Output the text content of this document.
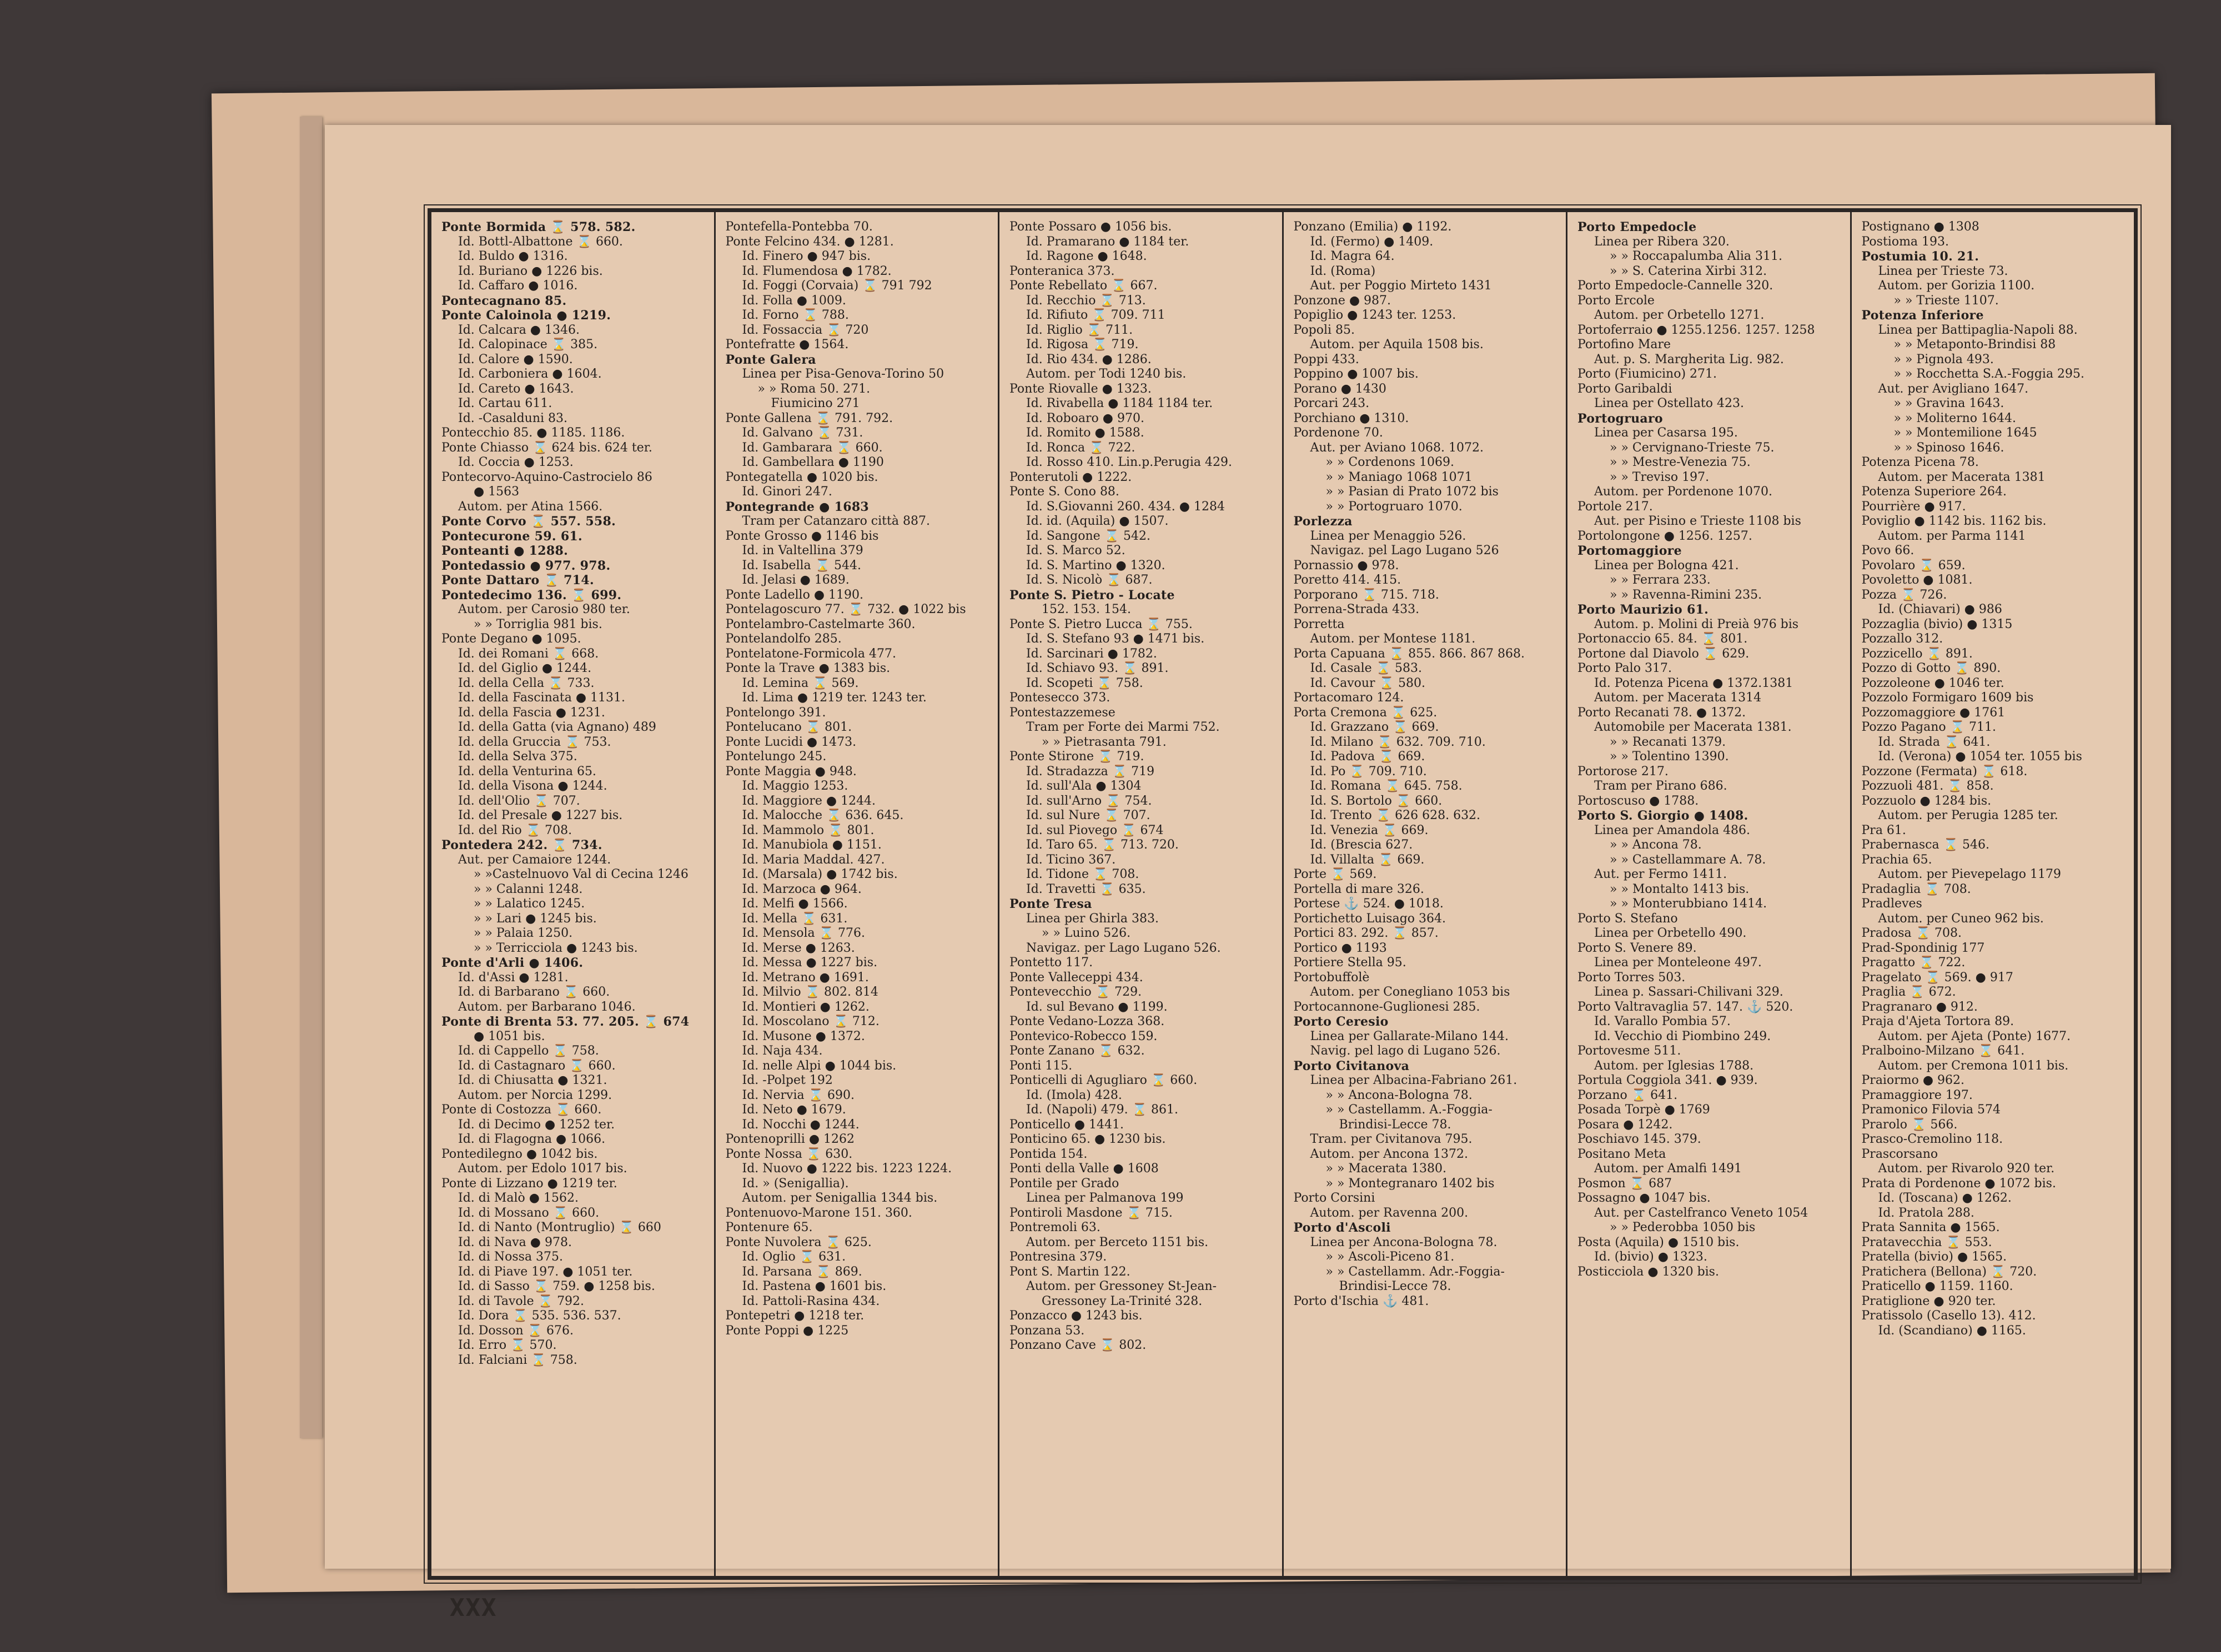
Ponte Bormida ⌛ 578. 582.
Id. Bottl-Albattone ⌛ 660.
Id. Buldo ● 1316.
Id. Buriano ● 1226 bis.
Id. Caffaro ● 1016.
Pontecagnano 85.
Ponte Caloinola ● 1219.
Id. Calcara ● 1346.
Id. Calopinace ⌛ 385.
Id. Calore ● 1590.
Id. Carboniera ● 1604.
Id. Careto ● 1643.
Id. Cartau 611.
Id. -Casalduni 83.
Pontecchio 85. ● 1185. 1186.
Ponte Chiasso ⌛ 624 bis. 624 ter.
Id. Coccia ● 1253.
Pontecorvo-Aquino-Castrocielo 86
● 1563
Autom. per Atina 1566.
Ponte Corvo ⌛ 557. 558.
Pontecurone 59. 61.
Ponteanti ● 1288.
Pontedassio ● 977. 978.
Ponte Dattaro ⌛ 714.
Pontedecimo 136. ⌛ 699.
Autom. per Carosio 980 ter.
» » Torriglia 981 bis.
Ponte Degano ● 1095.
Id. dei Romani ⌛ 668.
Id. del Giglio ● 1244.
Id. della Cella ⌛ 733.
Id. della Fascinata ● 1131.
Id. della Fascia ● 1231.
Id. della Gatta (via Agnano) 489
Id. della Gruccia ⌛ 753.
Id. della Selva 375.
Id. della Venturina 65.
Id. della Visona ● 1244.
Id. dell'Olio ⌛ 707.
Id. del Presale ● 1227 bis.
Id. del Rio ⌛ 708.
Pontedera 242. ⌛ 734.
Aut. per Camaiore 1244.
» »Castelnuovo Val di Cecina 1246
» » Calanni 1248.
» » Lalatico 1245.
» » Lari ● 1245 bis.
» » Palaia 1250.
» » Terricciola ● 1243 bis.
Ponte d'Arli ● 1406.
Id. d'Assi ● 1281.
Id. di Barbarano ⌛ 660.
Autom. per Barbarano 1046.
Ponte di Brenta 53. 77. 205. ⌛ 674
● 1051 bis.
Id. di Cappello ⌛ 758.
Id. di Castagnaro ⌛ 660.
Id. di Chiusatta ● 1321.
Autom. per Norcia 1299.
Ponte di Costozza ⌛ 660.
Id. di Decimo ● 1252 ter.
Id. di Flagogna ● 1066.
Pontedilegno ● 1042 bis.
Autom. per Edolo 1017 bis.
Ponte di Lizzano ● 1219 ter.
Id. di Malò ● 1562.
Id. di Mossano ⌛ 660.
Id. di Nanto (Montruglio) ⌛ 660
Id. di Nava ● 978.
Id. di Nossa 375.
Id. di Piave 197. ● 1051 ter.
Id. di Sasso ⌛ 759. ● 1258 bis.
Id. di Tavole ⌛ 792.
Id. Dora ⌛ 535. 536. 537.
Id. Dosson ⌛ 676.
Id. Erro ⌛ 570.
Id. Falciani ⌛ 758.
Pontefella-Pontebba 70.
Ponte Felcino 434. ● 1281.
Id. Finero ● 947 bis.
Id. Flumendosa ● 1782.
Id. Foggi (Corvaia) ⌛ 791 792
Id. Folla ● 1009.
Id. Forno ⌛ 788.
Id. Fossaccia ⌛ 720
Pontefratte ● 1564.
Ponte Galera
Linea per Pisa-Genova-Torino 50
» » Roma 50. 271.
Fiumicino 271
Ponte Gallena ⌛ 791. 792.
Id. Galvano ⌛ 731.
Id. Gambarara ⌛ 660.
Id. Gambellara ● 1190
Pontegatella ● 1020 bis.
Id. Ginori 247.
Pontegrande ● 1683
Tram per Catanzaro città 887.
Ponte Grosso ● 1146 bis
Id. in Valtellina 379
Id. Isabella ⌛ 544.
Id. Jelasi ● 1689.
Ponte Ladello ● 1190.
Pontelagoscuro 77. ⌛ 732. ● 1022 bis
Pontelambro-Castelmarte 360.
Pontelandolfo 285.
Pontelatone-Formicola 477.
Ponte la Trave ● 1383 bis.
Id. Lemina ⌛ 569.
Id. Lima ● 1219 ter. 1243 ter.
Pontelongo 391.
Pontelucano ⌛ 801.
Ponte Lucidi ● 1473.
Pontelungo 245.
Ponte Maggia ● 948.
Id. Maggio 1253.
Id. Maggiore ● 1244.
Id. Malocche ⌛ 636. 645.
Id. Mammolo ⌛ 801.
Id. Manubiola ● 1151.
Id. Maria Maddal. 427.
Id. (Marsala) ● 1742 bis.
Id. Marzoca ● 964.
Id. Melfi ● 1566.
Id. Mella ⌛ 631.
Id. Mensola ⌛ 776.
Id. Merse ● 1263.
Id. Messa ● 1227 bis.
Id. Metrano ● 1691.
Id. Milvio ⌛ 802. 814
Id. Montieri ● 1262.
Id. Moscolano ⌛ 712.
Id. Musone ● 1372.
Id. Naja 434.
Id. nelle Alpi ● 1044 bis.
Id. -Polpet 192
Id. Nervia ⌛ 690.
Id. Neto ● 1679.
Id. Nocchi ● 1244.
Pontenoprilli ● 1262
Ponte Nossa ⌛ 630.
Id. Nuovo ● 1222 bis. 1223 1224.
Id. » (Senigallia).
Autom. per Senigallia 1344 bis.
Pontenuovo-Marone 151. 360.
Pontenure 65.
Ponte Nuvolera ⌛ 625.
Id. Oglio ⌛ 631.
Id. Parsana ⌛ 869.
Id. Pastena ● 1601 bis.
Id. Pattoli-Rasina 434.
Pontepetri ● 1218 ter.
Ponte Poppi ● 1225
Ponte Possaro ● 1056 bis.
Id. Pramarano ● 1184 ter.
Id. Ragone ● 1648.
Ponteranica 373.
Ponte Rebellato ⌛ 667.
Id. Recchio ⌛ 713.
Id. Rifiuto ⌛ 709. 711
Id. Riglio ⌛ 711.
Id. Rigosa ⌛ 719.
Id. Rio 434. ● 1286.
Autom. per Todi 1240 bis.
Ponte Riovalle ● 1323.
Id. Rivabella ● 1184 1184 ter.
Id. Roboaro ● 970.
Id. Romito ● 1588.
Id. Ronca ⌛ 722.
Id. Rosso 410. Lin.p.Perugia 429.
Ponterutoli ● 1222.
Ponte S. Cono 88.
Id. S.Giovanni 260. 434. ● 1284
Id. id. (Aquila) ● 1507.
Id. Sangone ⌛ 542.
Id. S. Marco 52.
Id. S. Martino ● 1320.
Id. S. Nicolò ⌛ 687.
Ponte S. Pietro - Locate
152. 153. 154.
Ponte S. Pietro Lucca ⌛ 755.
Id. S. Stefano 93 ● 1471 bis.
Id. Sarcinari ● 1782.
Id. Schiavo 93. ⌛ 891.
Id. Scopeti ⌛ 758.
Pontesecco 373.
Pontestazzemese
Tram per Forte dei Marmi 752.
» » Pietrasanta 791.
Ponte Stirone ⌛ 719.
Id. Stradazza ⌛ 719
Id. sull'Ala ● 1304
Id. sull'Arno ⌛ 754.
Id. sul Nure ⌛ 707.
Id. sul Piovego ⌛ 674
Id. Taro 65. ⌛ 713. 720.
Id. Ticino 367.
Id. Tidone ⌛ 708.
Id. Travetti ⌛ 635.
Ponte Tresa
Linea per Ghirla 383.
» » Luino 526.
Navigaz. per Lago Lugano 526.
Pontetto 117.
Ponte Valleceppi 434.
Pontevecchio ⌛ 729.
Id. sul Bevano ● 1199.
Ponte Vedano-Lozza 368.
Pontevico-Robecco 159.
Ponte Zanano ⌛ 632.
Ponti 115.
Ponticelli di Agugliaro ⌛ 660.
Id. (Imola) 428.
Id. (Napoli) 479. ⌛ 861.
Ponticello ● 1441.
Ponticino 65. ● 1230 bis.
Pontida 154.
Ponti della Valle ● 1608
Pontile per Grado
Linea per Palmanova 199
Pontiroli Masdone ⌛ 715.
Pontremoli 63.
Autom. per Berceto 1151 bis.
Pontresina 379.
Pont S. Martin 122.
Autom. per Gressoney St-Jean-
Gressoney La-Trinité 328.
Ponzacco ● 1243 bis.
Ponzana 53.
Ponzano Cave ⌛ 802.
Ponzano (Emilia) ● 1192.
Id. (Fermo) ● 1409.
Id. Magra 64.
Id. (Roma)
Aut. per Poggio Mirteto 1431
Ponzone ● 987.
Popiglio ● 1243 ter. 1253.
Popoli 85.
Autom. per Aquila 1508 bis.
Poppi 433.
Poppino ● 1007 bis.
Porano ● 1430
Porcari 243.
Porchiano ● 1310.
Pordenone 70.
Aut. per Aviano 1068. 1072.
» » Cordenons 1069.
» » Maniago 1068 1071
» » Pasian di Prato 1072 bis
» » Portogruaro 1070.
Porlezza
Linea per Menaggio 526.
Navigaz. pel Lago Lugano 526
Pornassio ● 978.
Poretto 414. 415.
Porporano ⌛ 715. 718.
Porrena-Strada 433.
Porretta
Autom. per Montese 1181.
Porta Capuana ⌛ 855. 866. 867 868.
Id. Casale ⌛ 583.
Id. Cavour ⌛ 580.
Portacomaro 124.
Porta Cremona ⌛ 625.
Id. Grazzano ⌛ 669.
Id. Milano ⌛ 632. 709. 710.
Id. Padova ⌛ 669.
Id. Po ⌛ 709. 710.
Id. Romana ⌛ 645. 758.
Id. S. Bortolo ⌛ 660.
Id. Trento ⌛ 626 628. 632.
Id. Venezia ⌛ 669.
Id. (Brescia 627.
Id. Villalta ⌛ 669.
Porte ⌛ 569.
Portella di mare 326.
Portese ⚓ 524. ● 1018.
Portichetto Luisago 364.
Portici 83. 292. ⌛ 857.
Portico ● 1193
Portiere Stella 95.
Portobuffolè
Autom. per Conegliano 1053 bis
Portocannone-Guglionesi 285.
Porto Ceresio
Linea per Gallarate-Milano 144.
Navig. pel lago di Lugano 526.
Porto Civitanova
Linea per Albacina-Fabriano 261.
» » Ancona-Bologna 78.
» » Castellamm. A.-Foggia-
Brindisi-Lecce 78.
Tram. per Civitanova 795.
Autom. per Ancona 1372.
» » Macerata 1380.
» » Montegranaro 1402 bis
Porto Corsini
Autom. per Ravenna 200.
Porto d'Ascoli
Linea per Ancona-Bologna 78.
» » Ascoli-Piceno 81.
» » Castellamm. Adr.-Foggia-
Brindisi-Lecce 78.
Porto d'Ischia ⚓ 481.
Porto Empedocle
Linea per Ribera 320.
» » Roccapalumba Alia 311.
» » S. Caterina Xirbi 312.
Porto Empedocle-Cannelle 320.
Porto Ercole
Autom. per Orbetello 1271.
Portoferraio ● 1255.1256. 1257. 1258
Portofino Mare
Aut. p. S. Margherita Lig. 982.
Porto (Fiumicino) 271.
Porto Garibaldi
Linea per Ostellato 423.
Portogruaro
Linea per Casarsa 195.
» » Cervignano-Trieste 75.
» » Mestre-Venezia 75.
» » Treviso 197.
Autom. per Pordenone 1070.
Portole 217.
Aut. per Pisino e Trieste 1108 bis
Portolongone ● 1256. 1257.
Portomaggiore
Linea per Bologna 421.
» » Ferrara 233.
» » Ravenna-Rimini 235.
Porto Maurizio 61.
Autom. p. Molini di Preià 976 bis
Portonaccio 65. 84. ⌛ 801.
Portone dal Diavolo ⌛ 629.
Porto Palo 317.
Id. Potenza Picena ● 1372.1381
Autom. per Macerata 1314
Porto Recanati 78. ● 1372.
Automobile per Macerata 1381.
» » Recanati 1379.
» » Tolentino 1390.
Portorose 217.
Tram per Pirano 686.
Portoscuso ● 1788.
Porto S. Giorgio ● 1408.
Linea per Amandola 486.
» » Ancona 78.
» » Castellammare A. 78.
Aut. per Fermo 1411.
» » Montalto 1413 bis.
» » Monterubbiano 1414.
Porto S. Stefano
Linea per Orbetello 490.
Porto S. Venere 89.
Linea per Monteleone 497.
Porto Torres 503.
Linea p. Sassari-Chilivani 329.
Porto Valtravaglia 57. 147. ⚓ 520.
Id. Varallo Pombia 57.
Id. Vecchio di Piombino 249.
Portovesme 511.
Autom. per Iglesias 1788.
Portula Coggiola 341. ● 939.
Porzano ⌛ 641.
Posada Torpè ● 1769
Posara ● 1242.
Poschiavo 145. 379.
Positano Meta
Autom. per Amalfi 1491
Posmon ⌛ 687
Possagno ● 1047 bis.
Aut. per Castelfranco Veneto 1054
» » Pederobba 1050 bis
Posta (Aquila) ● 1510 bis.
Id. (bivio) ● 1323.
Posticciola ● 1320 bis.
Postignano ● 1308
Postioma 193.
Postumia 10. 21.
Linea per Trieste 73.
Autom. per Gorizia 1100.
» » Trieste 1107.
Potenza Inferiore
Linea per Battipaglia-Napoli 88.
» » Metaponto-Brindisi 88
» » Pignola 493.
» » Rocchetta S.A.-Foggia 295.
Aut. per Avigliano 1647.
» » Gravina 1643.
» » Moliterno 1644.
» » Montemilione 1645
» » Spinoso 1646.
Potenza Picena 78.
Autom. per Macerata 1381
Potenza Superiore 264.
Pourrière ● 917.
Poviglio ● 1142 bis. 1162 bis.
Autom. per Parma 1141
Povo 66.
Povolaro ⌛ 659.
Povoletto ● 1081.
Pozza ⌛ 726.
Id. (Chiavari) ● 986
Pozzaglia (bivio) ● 1315
Pozzallo 312.
Pozzicello ⌛ 891.
Pozzo di Gotto ⌛ 890.
Pozzoleone ● 1046 ter.
Pozzolo Formigaro 1609 bis
Pozzomaggiore ● 1761
Pozzo Pagano ⌛ 711.
Id. Strada ⌛ 641.
Id. (Verona) ● 1054 ter. 1055 bis
Pozzone (Fermata) ⌛ 618.
Pozzuoli 481. ⌛ 858.
Pozzuolo ● 1284 bis.
Autom. per Perugia 1285 ter.
Pra 61.
Prabernasca ⌛ 546.
Prachia 65.
Autom. per Pievepelago 1179
Pradaglia ⌛ 708.
Pradleves
Autom. per Cuneo 962 bis.
Pradosa ⌛ 708.
Prad-Spondinig 177
Pragatto ⌛ 722.
Pragelato ⌛ 569. ● 917
Praglia ⌛ 672.
Pragranaro ● 912.
Praja d'Ajeta Tortora 89.
Autom. per Ajeta (Ponte) 1677.
Pralboino-Milzano ⌛ 641.
Autom. per Cremona 1011 bis.
Praiormo ● 962.
Pramaggiore 197.
Pramonico Filovia 574
Prarolo ⌛ 566.
Prasco-Cremolino 118.
Prascorsano
Autom. per Rivarolo 920 ter.
Prata di Pordenone ● 1072 bis.
Id. (Toscana) ● 1262.
Id. Pratola 288.
Prata Sannita ● 1565.
Pratavecchia ⌛ 553.
Pratella (bivio) ● 1565.
Pratichera (Bellona) ⌛ 720.
Praticello ● 1159. 1160.
Pratiglione ● 920 ter.
Pratissolo (Casello 13). 412.
Id. (Scandiano) ● 1165.
XXX
